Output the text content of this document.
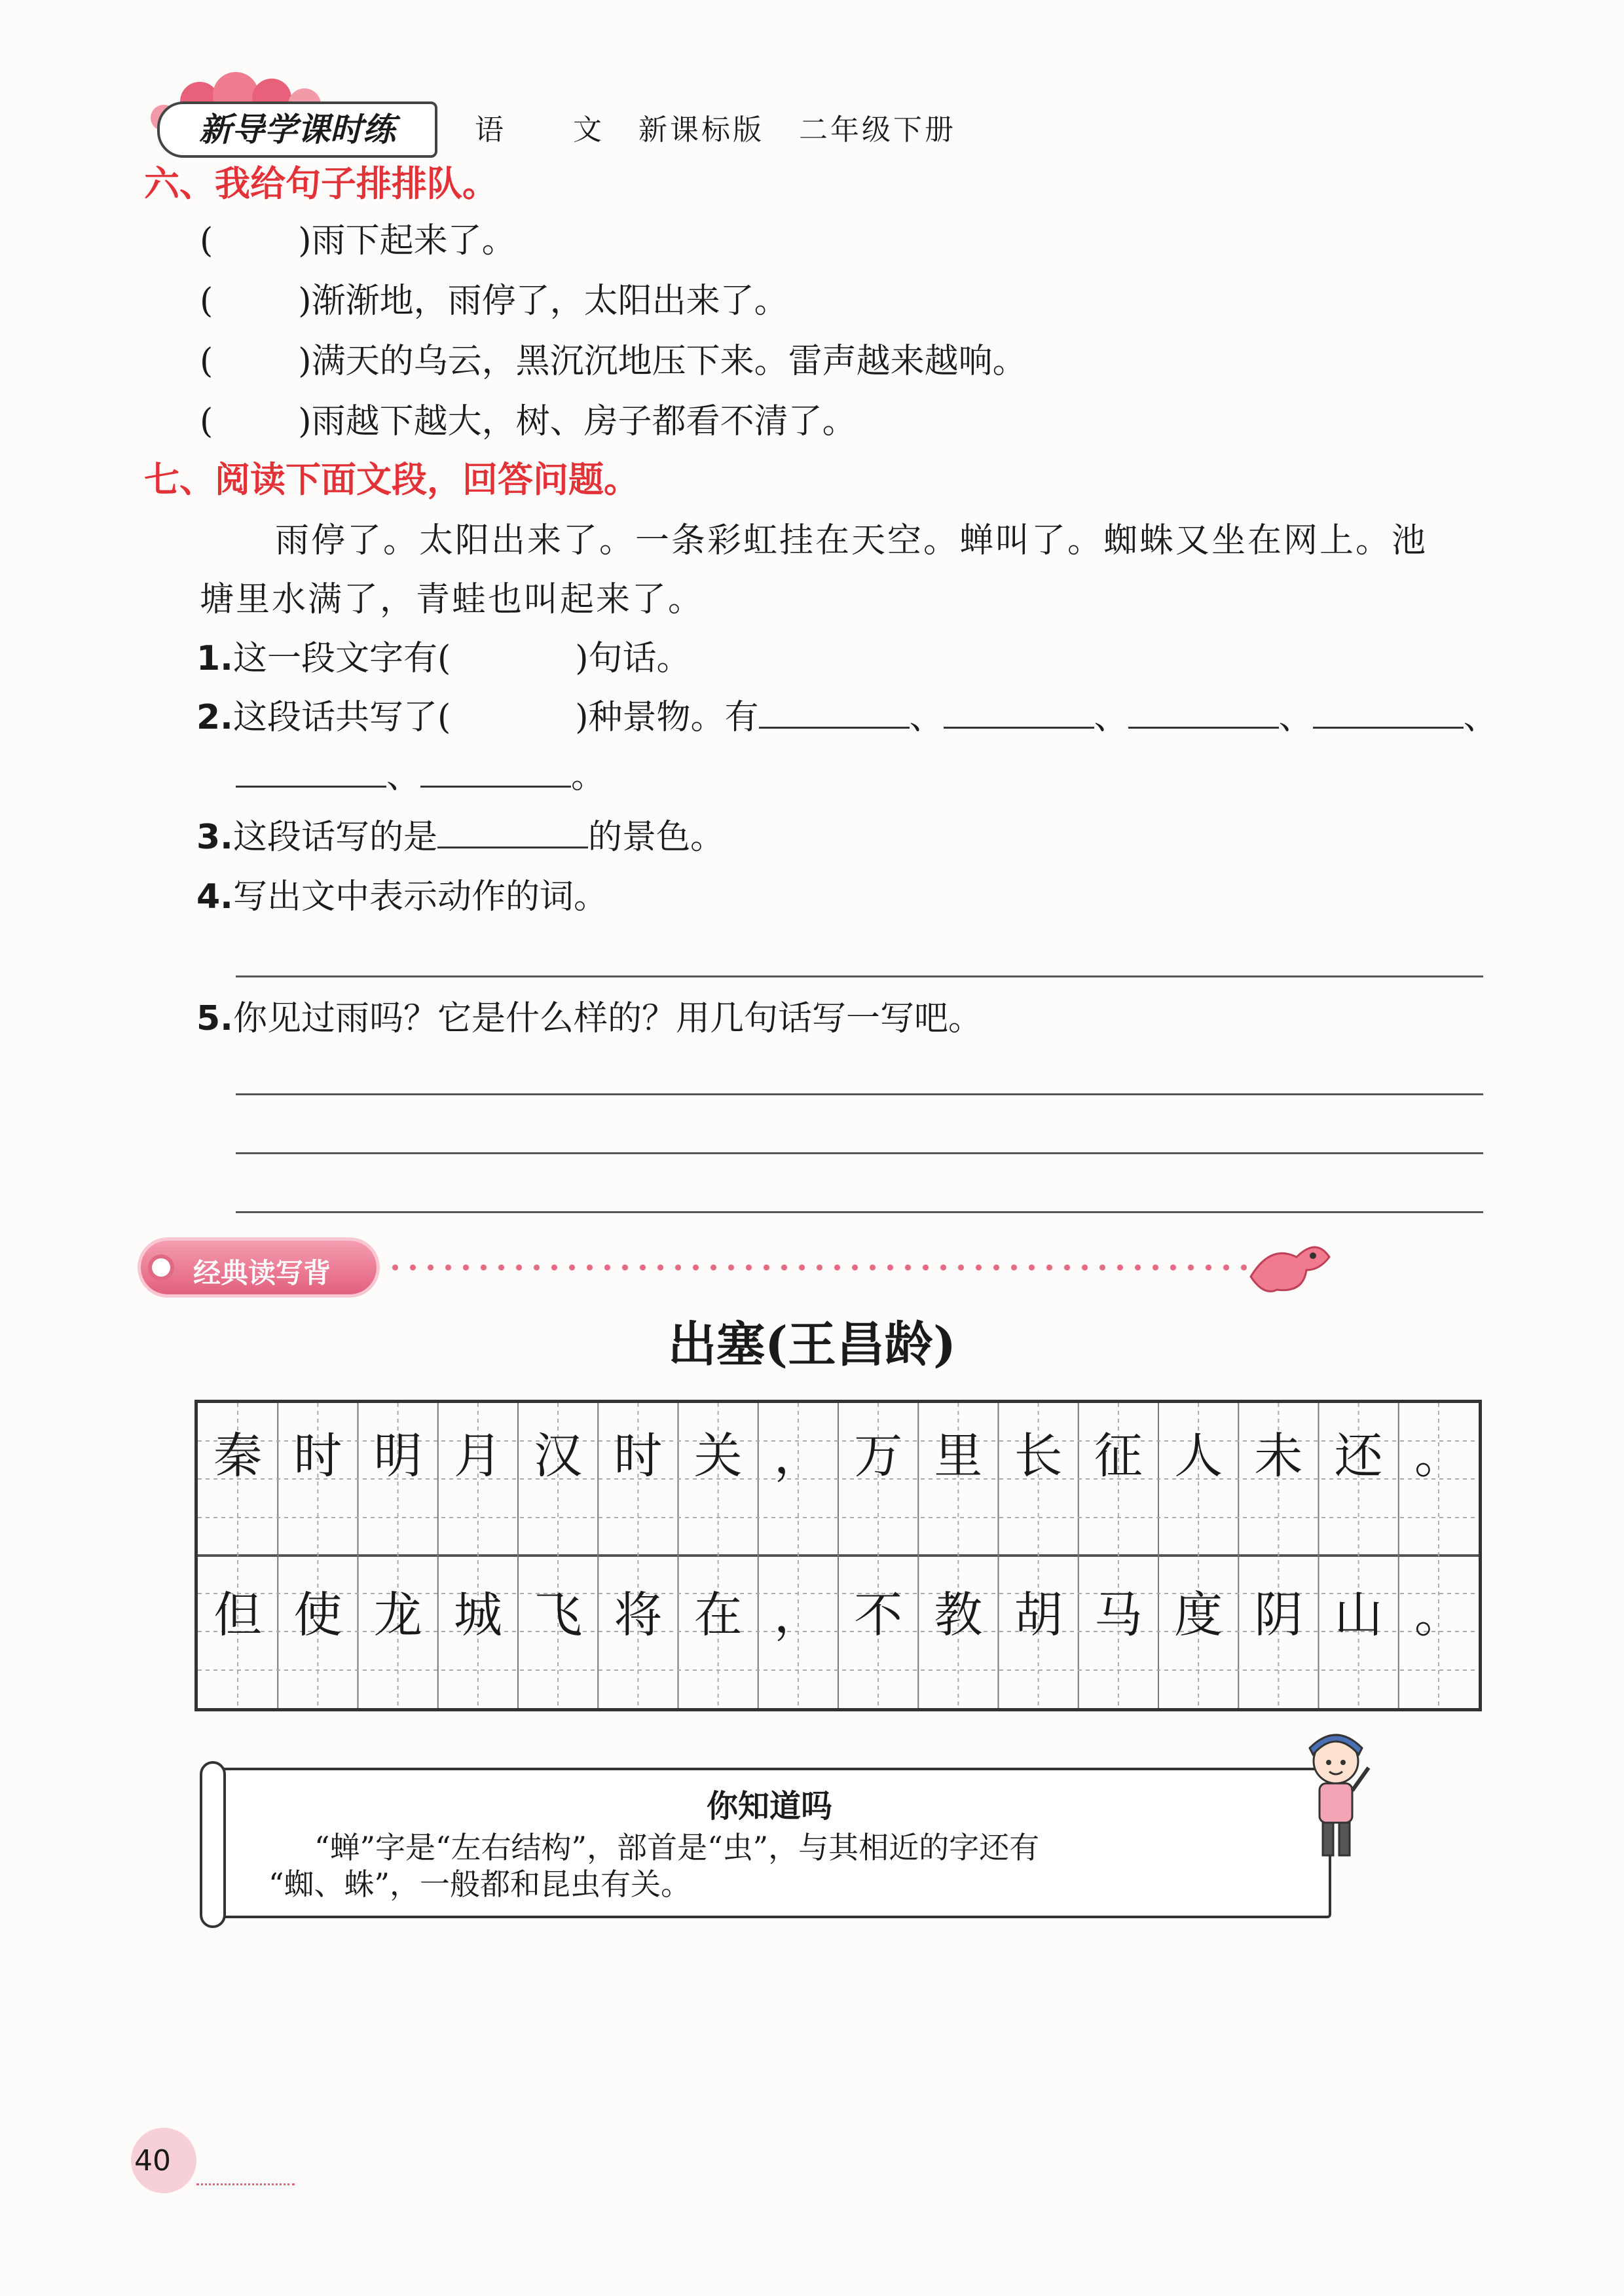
新导学课时练	语 文 新课标版 二年级下册
六、我给句子排排队。
(	)雨下起来了。
(	)渐渐地，雨停了，太阳出来了。
(	)满天的乌云，黑沉沉地压下来。雷声越来越响。
(	)雨越下越大，树、房子都看不清了。
七、阅读下面文段，回答问题。
雨停了。太阳出来了。一条彩虹挂在天空。蝉叫了。蜘蛛又坐在网上。池
塘里水满了，青蛙也叫起来了。
1.这一段文字有(	)句话。
2.这段话共写了(	)种景物。有	、	、	、	、
、	。
3.这段话写的是	的景色。
4.写出文中表示动作的词。
5.你见过雨吗？它是什么样的？用几句话写一写吧。
经典读写背
出塞(王昌龄)
秦 时 明 月 汉 时 关 ， 万 里 长 征 人 未 还 。
但 使 龙 城 飞 将 在 ， 不 教 胡 马 度 阴 山 。
你知道吗
“蝉”字是“左右结构”，部首是“虫”，与其相近的字还有
“蜘、蛛”，一般都和昆虫有关。
40
